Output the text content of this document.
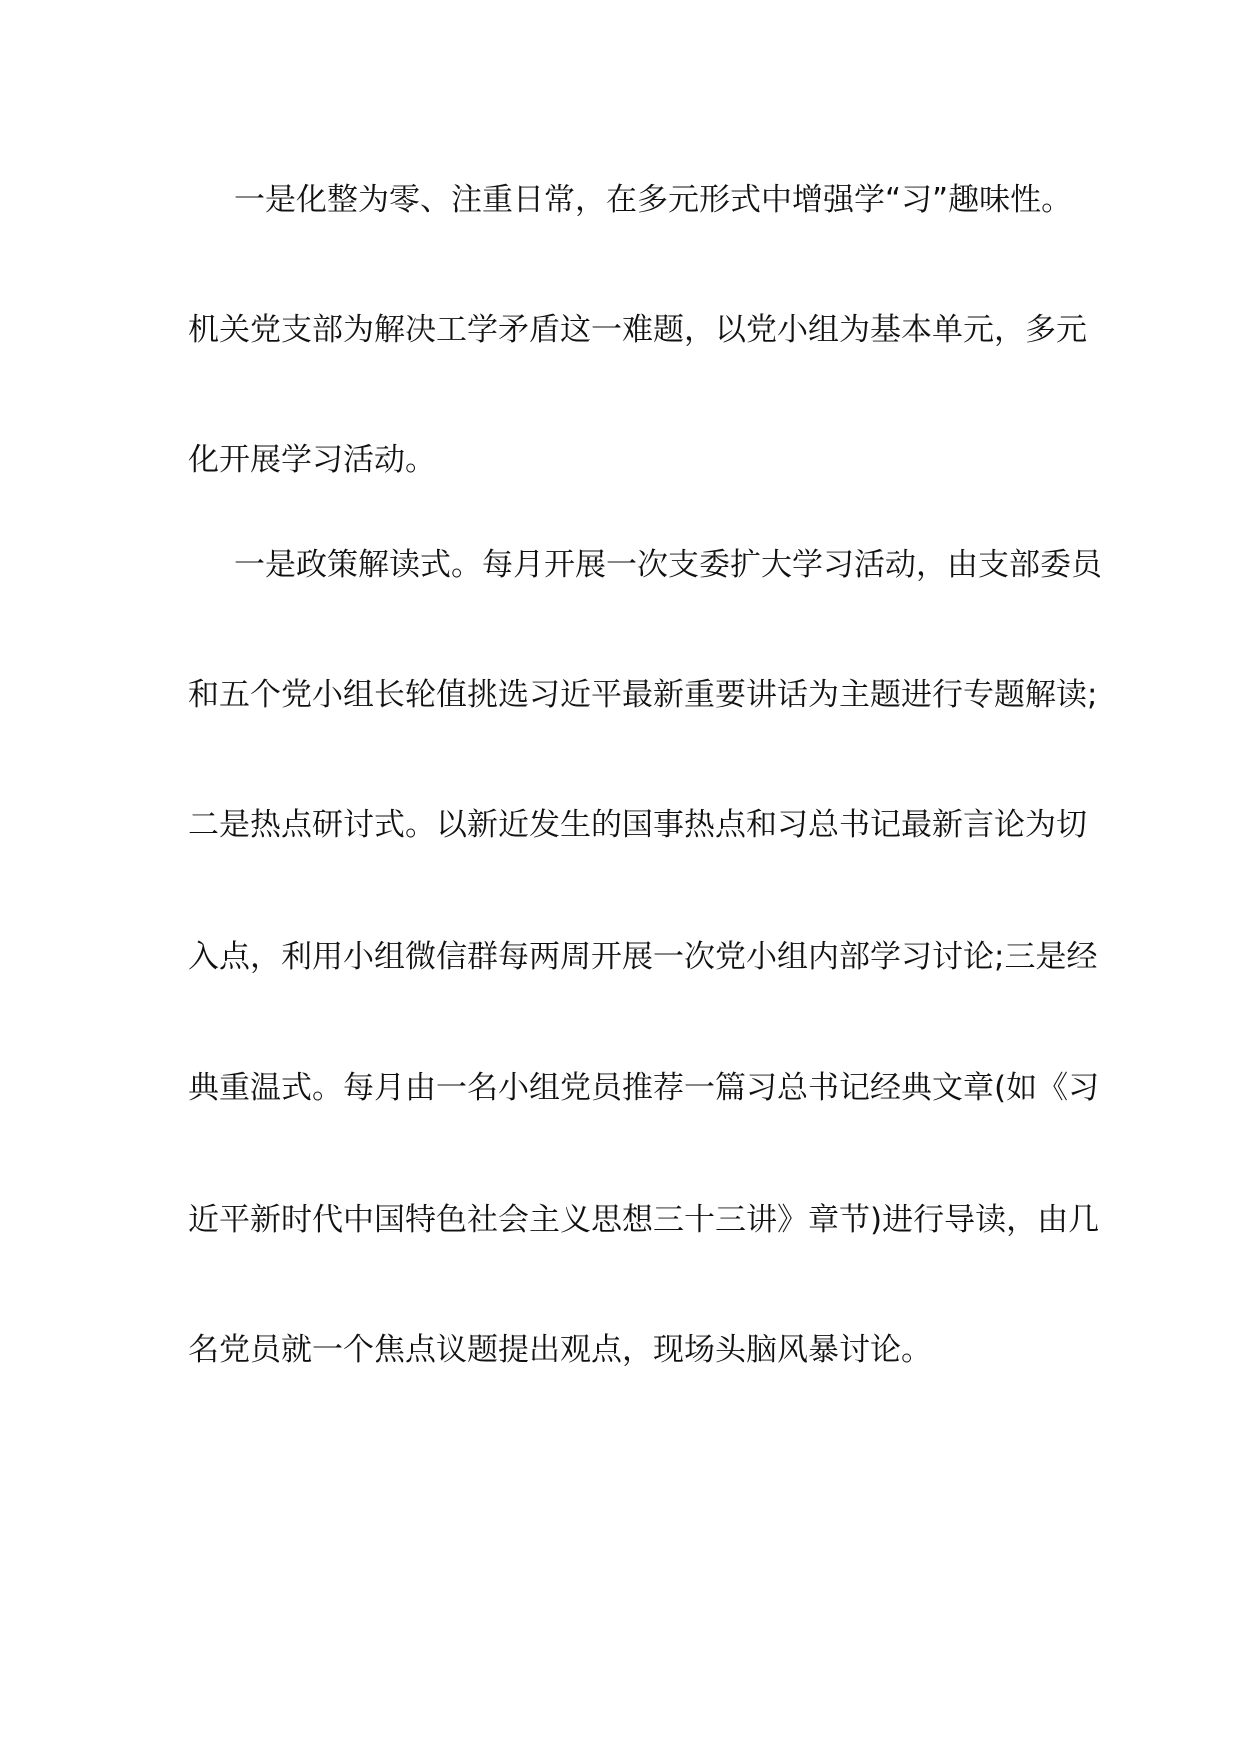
一是化整为零、注重日常，在多元形式中增强学“习”趣味性。
机关党支部为解决工学矛盾这一难题，以党小组为基本单元，多元
化开展学习活动。
一是政策解读式。每月开展一次支委扩大学习活动，由支部委员
和五个党小组长轮值挑选习近平最新重要讲话为主题进行专题解读;
二是热点研讨式。以新近发生的国事热点和习总书记最新言论为切
入点，利用小组微信群每两周开展一次党小组内部学习讨论;三是经
典重温式。每月由一名小组党员推荐一篇习总书记经典文章(如《习
近平新时代中国特色社会主义思想三十三讲》章节)进行导读，由几
名党员就一个焦点议题提出观点，现场头脑风暴讨论。
